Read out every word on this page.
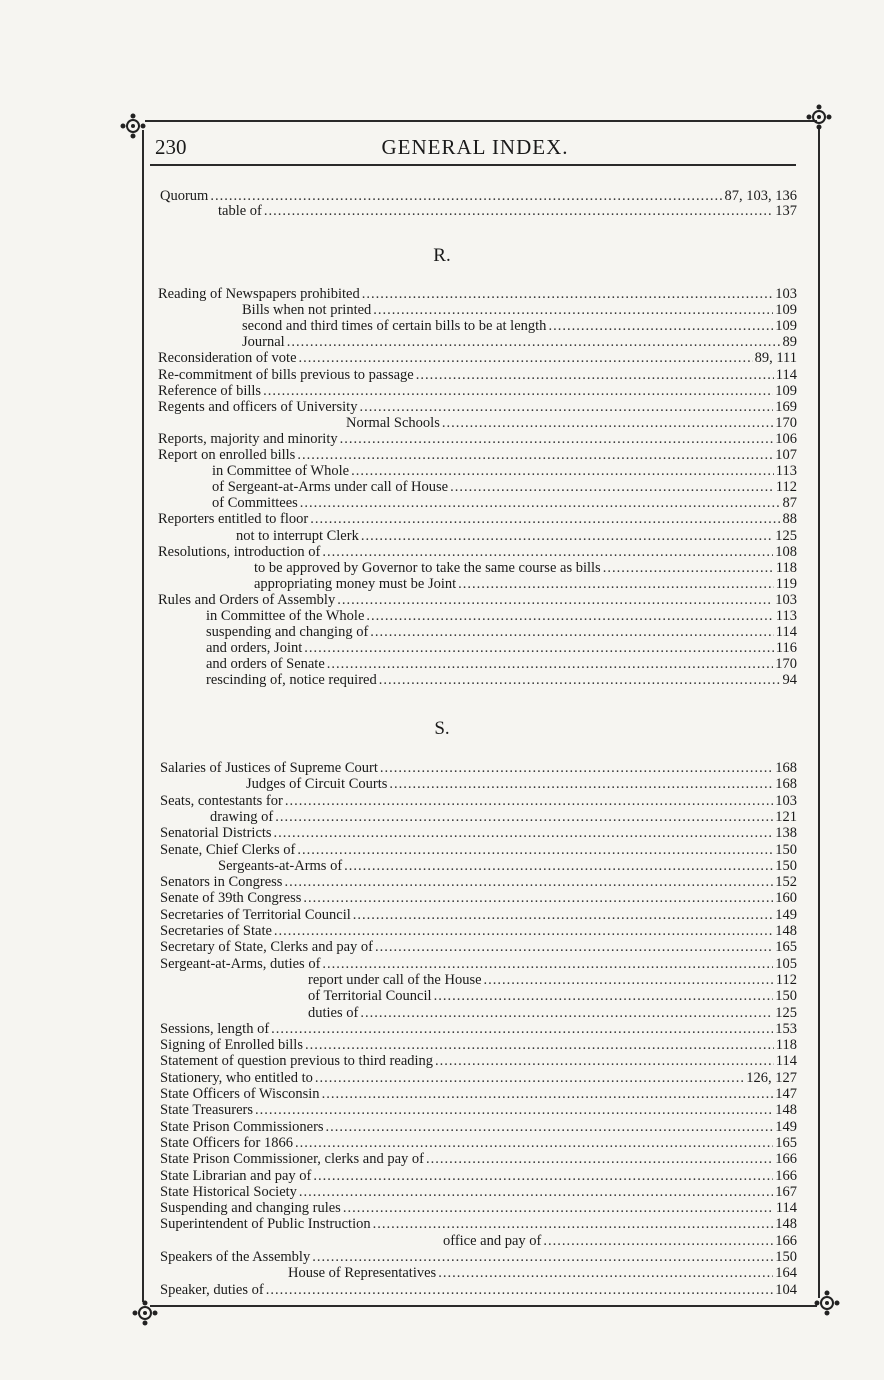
230	GENERAL INDEX.
R.
S.
Quorum .....	87, 103, 136
table of .....	137
Reading of Newspapers prohibited .....	103
Bills when not printed .....	109
second and third times of certain bills to be at length .....	109
Journal .....	89
Reconsideration of vote .....	89, 111
Re-commitment of bills previous to passage .....	114
Reference of bills .....	109
Regents and officers of University .....	169
Normal Schools .....	170
Reports, majority and minority .....	106
Report on enrolled bills .....	107
in Committee of Whole .....	113
of Sergeant-at-Arms under call of House .....	112
of Committees .....	87
Reporters entitled to floor .....	88
not to interrupt Clerk .....	125
Resolutions, introduction of .....	108
to be approved by Governor to take the same course as bills .....	118
appropriating money must be Joint .....	119
Rules and Orders of Assembly .....	103
in Committee of the Whole .....	113
suspending and changing of .....	114
and orders, Joint .....	116
and orders of Senate .....	170
rescinding of, notice required .....	94
Salaries of Justices of Supreme Court .....	168
Judges of Circuit Courts .....	168
Seats, contestants for .....	103
drawing of .....	121
Senatorial Districts .....	138
Senate, Chief Clerks of .....	150
Sergeants-at-Arms of .....	150
Senators in Congress .....	152
Senate of 39th Congress .....	160
Secretaries of Territorial Council .....	149
Secretaries of State .....	148
Secretary of State, Clerks and pay of .....	165
Sergeant-at-Arms, duties of .....	105
report under call of the House .....	112
of Territorial Council .....	150
duties of .....	125
Sessions, length of .....	153
Signing of Enrolled bills .....	118
Statement of question previous to third reading .....	114
Stationery, who entitled to .....	126, 127
State Officers of Wisconsin .....	147
State Treasurers .....	148
State Prison Commissioners .....	149
State Officers for 1866 .....	165
State Prison Commissioner, clerks and pay of .....	166
State Librarian and pay of .....	166
State Historical Society .....	167
Suspending and changing rules .....	114
Superintendent of Public Instruction .....	148
office and pay of .....	166
Speakers of the Assembly .....	150
House of Representatives .....	164
Speaker, duties of .....	104
